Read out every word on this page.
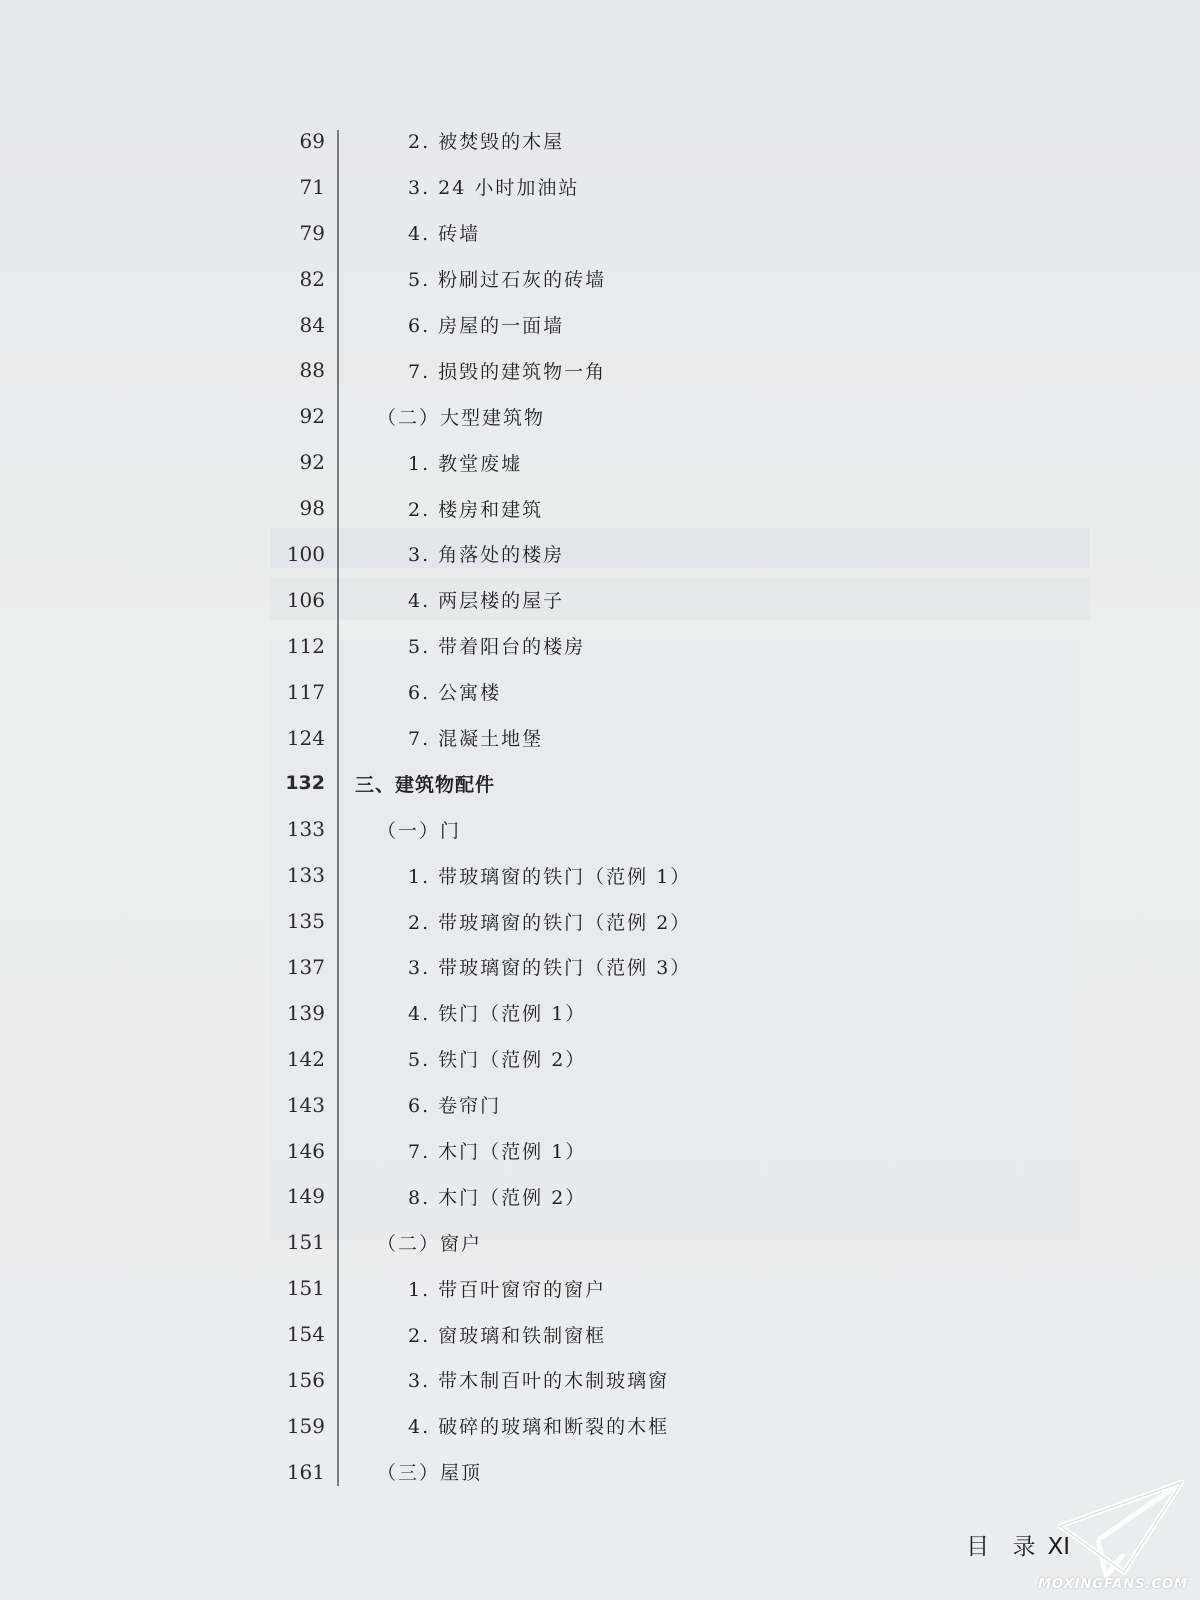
69	2. 被焚毁的木屋
71	3. 24 小时加油站
79	4. 砖墙
82	5. 粉刷过石灰的砖墙
84	6. 房屋的一面墙
88	7. 损毁的建筑物一角
92	（二）大型建筑物
92	1. 教堂废墟
98	2. 楼房和建筑
100	3. 角落处的楼房
106	4. 两层楼的屋子
112	5. 带着阳台的楼房
117	6. 公寓楼
124	7. 混凝土地堡
132 三、建筑物配件
133	（一）门
133	1. 带玻璃窗的铁门（范例 1）
135	2. 带玻璃窗的铁门（范例 2）
137	3. 带玻璃窗的铁门（范例 3）
139	4. 铁门（范例 1）
142	5. 铁门（范例 2）
143	6. 卷帘门
146	7. 木门（范例 1）
149	8. 木门（范例 2）
151	（二）窗户
151	1. 带百叶窗帘的窗户
154	2. 窗玻璃和铁制窗框
156	3. 带木制百叶的木制玻璃窗
159	4. 破碎的玻璃和断裂的木框
161	（三）屋顶
目 录 XI
MOXINGFANS.COM
